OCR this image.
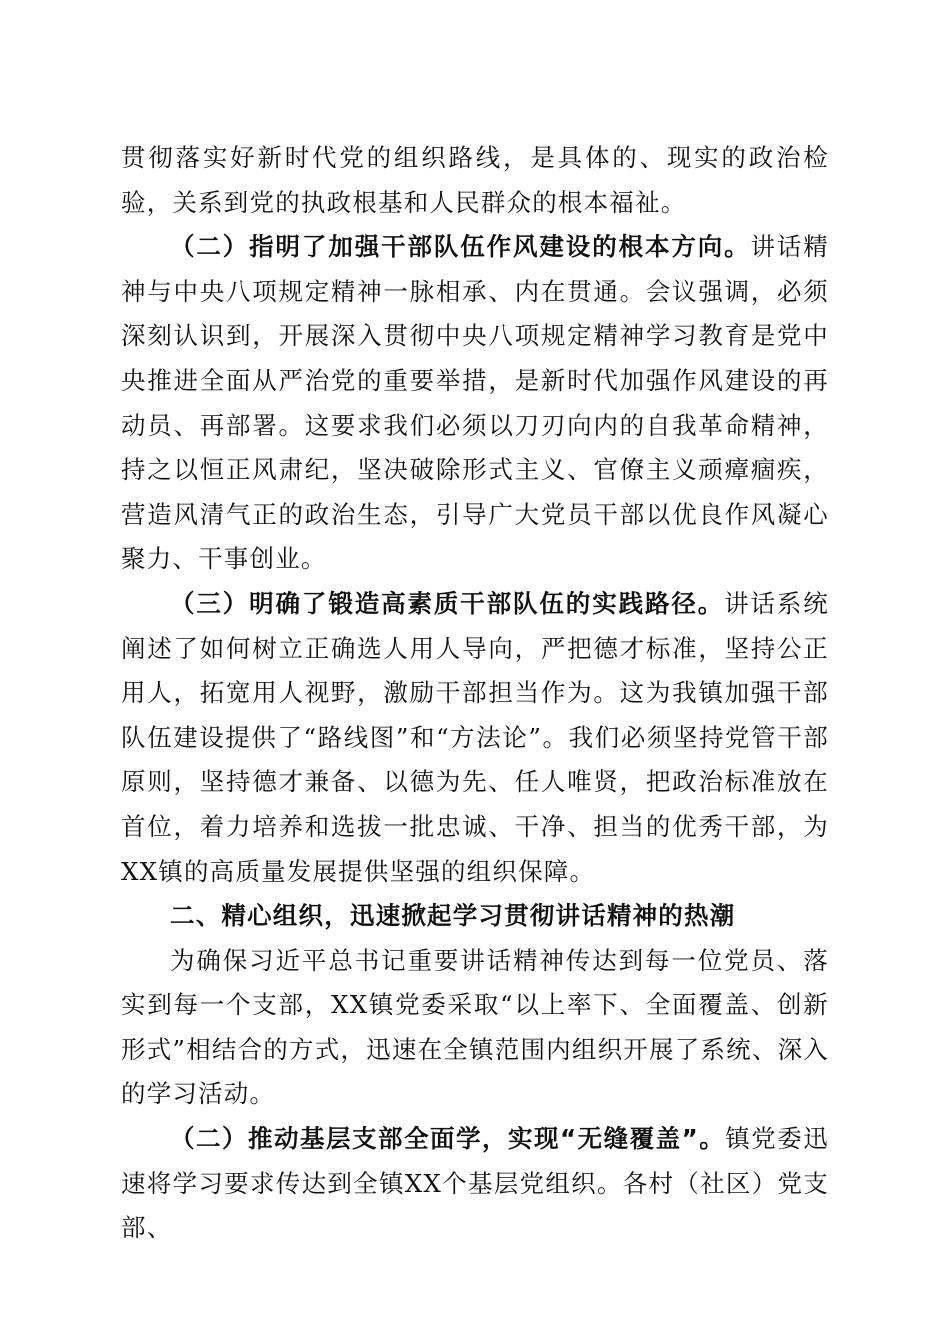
贯彻落实好新时代党的组织路线，是具体的、现实的政治检验，关系到党的执政根基和人民群众的根本福祉。

（二）指明了加强干部队伍作风建设的根本方向。讲话精神与中央八项规定精神一脉相承、内在贯通。会议强调，必须深刻认识到，开展深入贯彻中央八项规定精神学习教育是党中央推进全面从严治党的重要举措，是新时代加强作风建设的再动员、再部署。这要求我们必须以刀刃向内的自我革命精神，持之以恒正风肃纪，坚决破除形式主义、官僚主义顽瘴痼疾，营造风清气正的政治生态，引导广大党员干部以优良作风凝心聚力、干事创业。

（三）明确了锻造高素质干部队伍的实践路径。讲话系统阐述了如何树立正确选人用人导向，严把德才标准，坚持公正用人，拓宽用人视野，激励干部担当作为。这为我镇加强干部队伍建设提供了“路线图”和“方法论”。我们必须坚持党管干部原则，坚持德才兼备、以德为先、任人唯贤，把政治标准放在首位，着力培养和选拔一批忠诚、干净、担当的优秀干部，为XX镇的高质量发展提供坚强的组织保障。

二、精心组织，迅速掀起学习贯彻讲话精神的热潮

为确保习近平总书记重要讲话精神传达到每一位党员、落实到每一个支部，XX镇党委采取“以上率下、全面覆盖、创新形式”相结合的方式，迅速在全镇范围内组织开展了系统、深入的学习活动。

（二）推动基层支部全面学，实现“无缝覆盖”。镇党委迅速将学习要求传达到全镇XX个基层党组织。各村（社区）党支部、
